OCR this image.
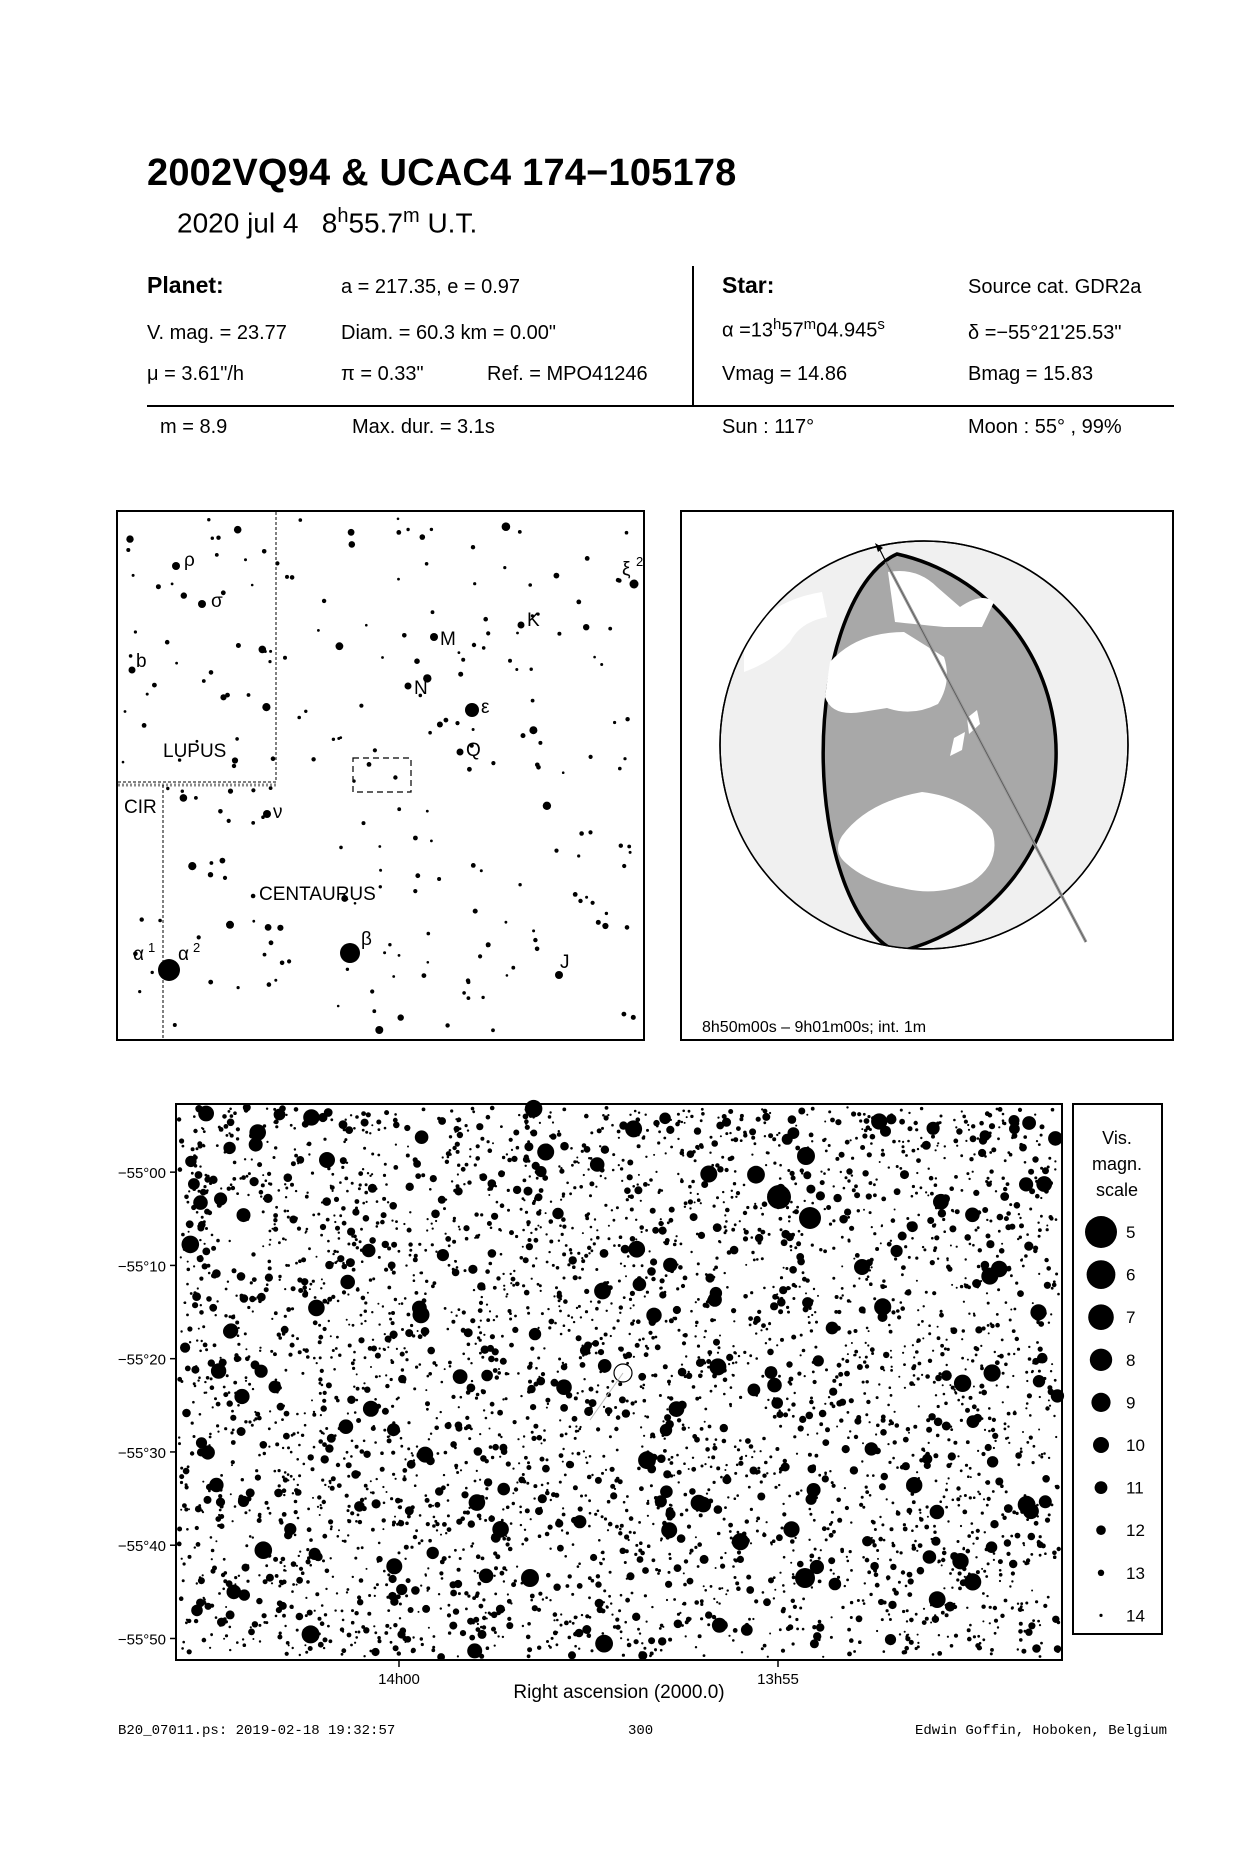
2002VQ94 & UCAC4 174−105178
2020 jul 4 8$^h$55.7$^m$ U.T.
Planet:	a = 217.35, e = 0.97
V. mag. = 23.77	Diam. = 60.3 km = 0.00"
μ = 3.61"/h	π = 0.33"	Ref. = MPO41246
Star:	Source cat. GDR2a
$\alpha =13^h57^m04.945^s$	δ =−55°21'25.53"
Vmag = 14.86	Bmag = 15.83
m = 8.9	Max. dur. = 3.1s	Sun : 117°	Moon : 55° , 99%
LUPUS
CIR
CENTAURUS
ρ
σ
b
M
N
K
ξ 2
ε
Q
ν
α 1 α 2	β
J
8h50m00s – 9h01m00s; int. 1m
−55°00
−55°10
−55°20
−55°30
−55°40
−55°50
14h00	13h55
Right ascension (2000.0)
Vis.
magn.
scale
5
6
7
8
9
10
11
12
13
14
B20_07011.ps: 2019-02-18 19:32:57	300	Edwin Goffin, Hoboken, Belgium
